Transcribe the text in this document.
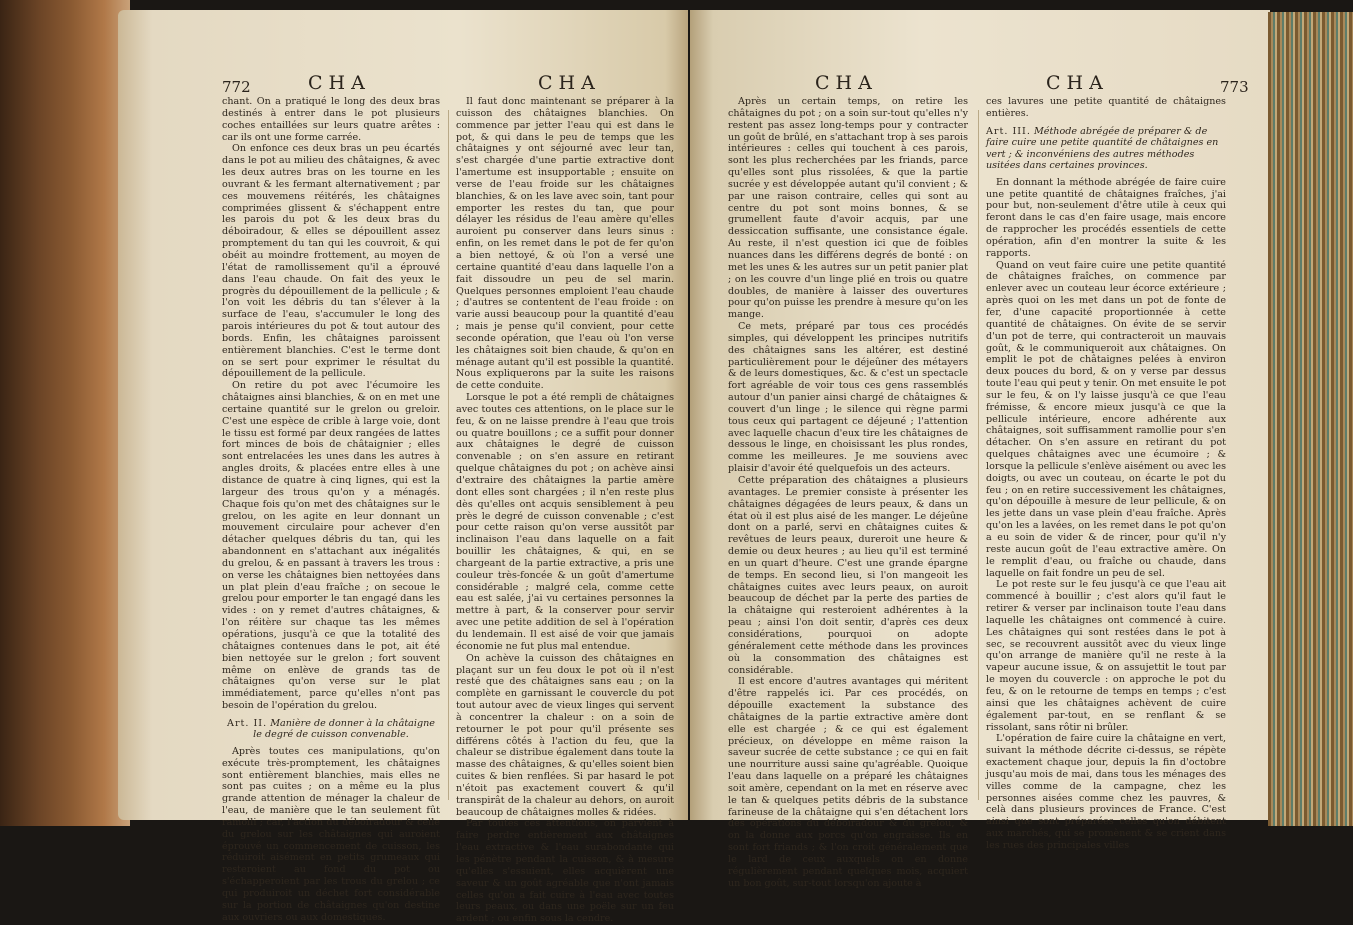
772	CHA	CHA

chant. On a pratiqué le long des deux bras destinés à entrer dans le pot plusieurs coches entaillées sur leurs quatre arêtes : car ils ont une forme carrée.

On enfonce ces deux bras un peu écartés dans le pot au milieu des châtaignes, & avec les deux autres bras on les tourne en les ouvrant & les fermant alternativement ; par ces mouvemens réitérés, les châtaignes comprimées glissent & s'échappent entre les parois du pot & les deux bras du déboiradour, & elles se dépouillent assez promptement du tan qui les couvroit, & qui obéit au moindre frottement, au moyen de l'état de ramollissement qu'il a éprouvé dans l'eau chaude. On fait des yeux le progrès du dépouillement de la pellicule ; & l'on voit les débris du tan s'élever à la surface de l'eau, s'accumuler le long des parois intérieures du pot & tout autour des bords. Enfin, les châtaignes paroissent entièrement blanchies. C'est le terme dont on se sert pour exprimer le résultat du dépouillement de la pellicule.

On retire du pot avec l'écumoire les châtaignes ainsi blanchies, & on en met une certaine quantité sur le grelon ou greloir. C'est une espèce de crible à large voie, dont le tissu est formé par deux rangées de lattes fort minces de bois de châtaignier ; elles sont entrelacées les unes dans les autres à angles droits, & placées entre elles à une distance de quatre à cinq lignes, qui est la largeur des trous qu'on y a ménagés. Chaque fois qu'on met des châtaignes sur le grelou, on les agite en leur donnant un mouvement circulaire pour achever d'en détacher quelques débris du tan, qui les abandonnent en s'attachant aux inégalités du grelou, & en passant à travers les trous : on verse les châtaignes bien nettoyées dans un plat plein d'eau fraîche ; on secoue le grelou pour emporter le tan engagé dans les vides : on y remet d'autres châtaignes, & l'on réitère sur chaque tas les mêmes opérations, jusqu'à ce que la totalité des châtaignes contenues dans le pot, ait été bien nettoyée sur le grelon ; fort souvent même on enlève de grands tas de châtaignes qu'on verse sur le plat immédiatement, parce qu'elles n'ont pas besoin de l'opération du grelou.

Art. II. Manière de donner à la châtaigne le degré de cuisson convenable.

Après toutes ces manipulations, qu'on exécute très-promptement, les châtaignes sont entièrement blanchies, mais elles ne sont pas cuites ; on a même eu la plus grande attention de ménager la chaleur de l'eau, de manière que le tan seulement fût ramolli ; car, l'action du déboiradour & celle du grelou sur les châtaignes qui auroient éprouvé un commencement de cuisson, les réduiroit aisément en petits grumeaux qui resteroient au fond du pot ou s'échapperoient par les trous du grelou ; ce qui produiroit un déchet fort considérable sur la portion de châtaignes qu'on destine aux ouvriers ou aux domestiques.

Il faut donc maintenant se préparer à la cuisson des châtaignes blanchies. On commence par jetter l'eau qui est dans le pot, & qui dans le peu de temps que les châtaignes y ont séjourné avec leur tan, s'est chargée d'une partie extractive dont l'amertume est insupportable ; ensuite on verse de l'eau froide sur les châtaignes blanchies, & on les lave avec soin, tant pour emporter les restes du tan, que pour délayer les résidus de l'eau amère qu'elles auroient pu conserver dans leurs sinus : enfin, on les remet dans le pot de fer qu'on a bien nettoyé, & où l'on a versé une certaine quantité d'eau dans laquelle l'on a fait dissoudre un peu de sel marin. Quelques personnes emploient l'eau chaude ; d'autres se contentent de l'eau froide : on varie aussi beaucoup pour la quantité d'eau ; mais je pense qu'il convient, pour cette seconde opération, que l'eau où l'on verse les châtaignes soit bien chaude, & qu'on en ménage autant qu'il est possible la quantité. Nous expliquerons par la suite les raisons de cette conduite.

Lorsque le pot a été rempli de châtaignes avec toutes ces attentions, on le place sur le feu, & on ne laisse prendre à l'eau que trois ou quatre bouillons ; ce a suffit pour donner aux châtaignes le degré de cuisson convenable ; on s'en assure en retirant quelque châtaignes du pot ; on achève ainsi d'extraire des châtaignes la partie amère dont elles sont chargées ; il n'en reste plus dès qu'elles ont acquis sensiblement à peu près le degré de cuisson convenable ; c'est pour cette raison qu'on verse aussitôt par inclinaison l'eau dans laquelle on a fait bouillir les châtaignes, & qui, en se chargeant de la partie extractive, a pris une couleur très-foncée & un goût d'amertume considérable ; malgré cela, comme cette eau est salée, j'ai vu certaines personnes la mettre à part, & la conserver pour servir avec une petite addition de sel à l'opération du lendemain. Il est aisé de voir que jamais économie ne fut plus mal entendue.

On achève la cuisson des châtaignes en plaçant sur un feu doux le pot où il n'est resté que des châtaignes sans eau ; on la complète en garnissant le couvercle du pot tout autour avec de vieux linges qui servent à concentrer la chaleur : on a soin de retourner le pot pour qu'il présente ses différens côtés à l'action du feu, que la chaleur se distribue également dans toute la masse des châtaignes, & qu'elles soient bien cuites & bien renflées. Si par hasard le pot n'étoit pas exactement couvert & qu'il transpirât de la chaleur au dehors, on auroit beaucoup de châtaignes molles & ridées.

Par toutes ces attentions, on parvient à faire perdre entièrement aux châtaignes l'eau extractive & l'eau surabondante qui les pénètre pendant la cuisson, & à mesure qu'elles s'essuient, elles acquièrent une saveur & un goût agréable que n'ont jamais celles qu'on a fait cuire à l'eau avec toutes leurs peaux, ou dans une poële sur un feu ardent ; ou enfin sous la cendre.

CHA	CHA	773

Après un certain temps, on retire les châtaignes du pot ; on a soin sur-tout qu'elles n'y restent pas assez long-temps pour y contracter un goût de brûlé, en s'attachant trop à ses parois intérieures : celles qui touchent à ces parois, sont les plus recherchées par les friands, parce qu'elles sont plus rissolées, & que la partie sucrée y est développée autant qu'il convient ; & par une raison contraire, celles qui sont au centre du pot sont moins bonnes, & se grumellent faute d'avoir acquis, par une dessiccation suffisante, une consistance égale. Au reste, il n'est question ici que de foibles nuances dans les différens degrés de bonté : on met les unes & les autres sur un petit panier plat ; on les couvre d'un linge plié en trois ou quatre doubles, de manière à laisser des ouvertures pour qu'on puisse les prendre à mesure qu'on les mange.

Ce mets, préparé par tous ces procédés simples, qui développent les principes nutritifs des châtaignes sans les altérer, est destiné particulièrement pour le déjeûner des métayers & de leurs domestiques, &c. & c'est un spectacle fort agréable de voir tous ces gens rassemblés autour d'un panier ainsi chargé de châtaignes & couvert d'un linge ; le silence qui règne parmi tous ceux qui partagent ce déjeuné ; l'attention avec laquelle chacun d'eux tire les châtaignes de dessous le linge, en choisissant les plus rondes, comme les meilleures. Je me souviens avec plaisir d'avoir été quelquefois un des acteurs.

Cette préparation des châtaignes a plusieurs avantages. Le premier consiste à présenter les châtaignes dégagées de leurs peaux, & dans un état où il est plus aisé de les manger. Le déjeûne dont on a parlé, servi en châtaignes cuites & revêtues de leurs peaux, dureroit une heure & demie ou deux heures ; au lieu qu'il est terminé en un quart d'heure. C'est une grande épargne de temps. En second lieu, si l'on mangeoit les châtaignes cuites avec leurs peaux, on auroit beaucoup de déchet par la perte des parties de la châtaigne qui resteroient adhérentes à la peau ; ainsi l'on doit sentir, d'après ces deux considérations, pourquoi on adopte généralement cette méthode dans les provinces où la consommation des châtaignes est considérable.

Il est encore d'autres avantages qui méritent d'être rappelés ici. Par ces procédés, on dépouille exactement la substance des châtaignes de la partie extractive amère dont elle est chargée ; & ce qui est également précieux, on développe en même raison la saveur sucrée de cette substance ; ce qui en fait une nourriture aussi saine qu'agréable. Quoique l'eau dans laquelle on a préparé les châtaignes soit amère, cependant on la met en réserve avec le tan & quelques petits débris de la substance farineuse de la châtaigne qui s'en détachent lors des opérations du déboiradour & du grelou, & on la donne aux porcs qu'on engraisse. Ils en sont fort friands ; & l'on croit généralement que le lard de ceux auxquels on en donne régulièrement pendant quelques mois, acquiert un bon goût, sur-tout lorsqu'on ajoute à

ces lavures une petite quantité de châtaignes entières.

Art. III. Méthode abrégée de préparer & de faire cuire une petite quantité de châtaignes en vert ; & inconvéniens des autres méthodes usitées dans certaines provinces.

En donnant la méthode abrégée de faire cuire une petite quantité de châtaignes fraîches, j'ai pour but, non-seulement d'être utile à ceux qui feront dans le cas d'en faire usage, mais encore de rapprocher les procédés essentiels de cette opération, afin d'en montrer la suite & les rapports.

Quand on veut faire cuire une petite quantité de châtaignes fraîches, on commence par enlever avec un couteau leur écorce extérieure ; après quoi on les met dans un pot de fonte de fer, d'une capacité proportionnée à cette quantité de châtaignes. On évite de se servir d'un pot de terre, qui contracteroit un mauvais goût, & le communiqueroit aux châtaignes. On emplit le pot de châtaignes pelées à environ deux pouces du bord, & on y verse par dessus toute l'eau qui peut y tenir. On met ensuite le pot sur le feu, & on l'y laisse jusqu'à ce que l'eau frémisse, & encore mieux jusqu'à ce que la pellicule intérieure, encore adhérente aux châtaignes, soit suffisamment ramollie pour s'en détacher. On s'en assure en retirant du pot quelques châtaignes avec une écumoire ; & lorsque la pellicule s'enlève aisément ou avec les doigts, ou avec un couteau, on écarte le pot du feu ; on en retire successivement les châtaignes, qu'on dépouille à mesure de leur pellicule, & on les jette dans un vase plein d'eau fraîche. Après qu'on les a lavées, on les remet dans le pot qu'on a eu soin de vider & de rincer, pour qu'il n'y reste aucun goût de l'eau extractive amère. On le remplit d'eau, ou fraîche ou chaude, dans laquelle on fait fondre un peu de sel.

Le pot reste sur le feu jusqu'à ce que l'eau ait commencé à bouillir ; c'est alors qu'il faut le retirer & verser par inclinaison toute l'eau dans laquelle les châtaignes ont commencé à cuire. Les châtaignes qui sont restées dans le pot à sec, se recouvrent aussitôt avec du vieux linge qu'on arrange de manière qu'il ne reste à la vapeur aucune issue, & on assujettit le tout par le moyen du couvercle : on approche le pot du feu, & on le retourne de temps en temps ; c'est ainsi que les châtaignes achèvent de cuire également par-tout, en se renflant & se rissolant, sans rôtir ni brûler.

L'opération de faire cuire la châtaigne en vert, suivant la méthode décrite ci-dessus, se répète exactement chaque jour, depuis la fin d'octobre jusqu'au mois de mai, dans tous les ménages des villes comme de la campagne, chez les personnes aisées comme chez les pauvres, & celà dans plusieurs provinces de France. C'est ainsi que sont préparées celles qu'on débitent aux marchés, qui se promènent & se crient dans les rues des principales villes
